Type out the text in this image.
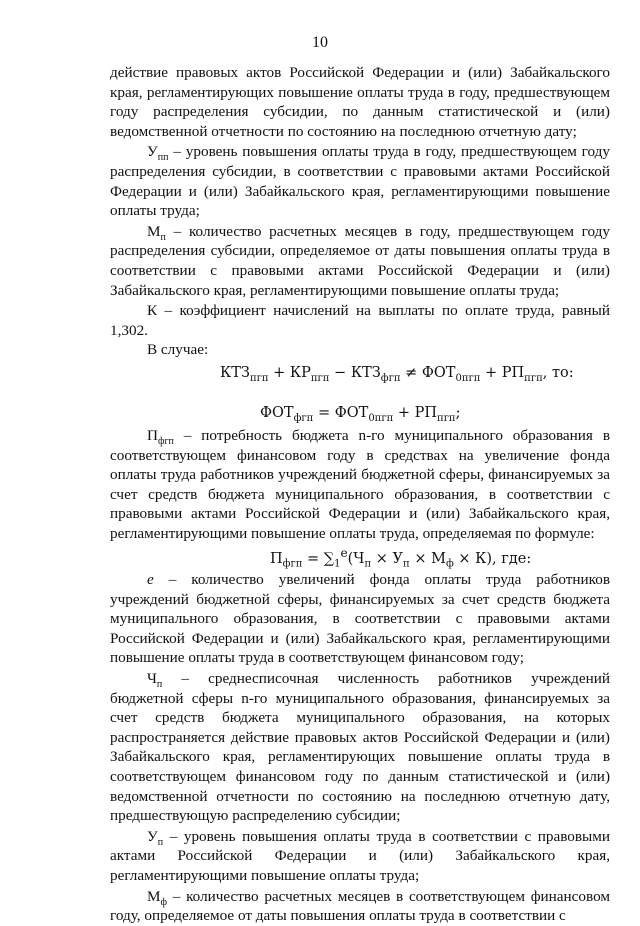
10

действие правовых актов Российской Федерации и (или) Забайкальского края, регламентирующих повышение оплаты труда в году, предшествующем году распределения субсидии, по данным статистической и (или) ведомственной отчетности по состоянию на последнюю отчетную дату;

$У_{пп}$ – уровень повышения оплаты труда в году, предшествующем году распределения субсидии, в соответствии с правовыми актами Российской Федерации и (или) Забайкальского края, регламентирующими повышение оплаты труда;

$М_п$ – количество расчетных месяцев в году, предшествующем году распределения субсидии, определяемое от даты повышения оплаты труда в соответствии с правовыми актами Российской Федерации и (или) Забайкальского края, регламентирующими повышение оплаты труда;

К – коэффициент начислений на выплаты по оплате труда, равный 1,302.

В случае:

$КТЗ_{пгп} + КР_{пгп} - КТЗ_{фгп} \ne ФОТ_{0пгп} + РП_{пгп}$, то:

$ФОТ_{фгп} = ФОТ_{0пгп} + РП_{пгп}$;

$П_{фгп}$ – потребность бюджета n-го муниципального образования в соответствующем финансовом году в средствах на увеличение фонда оплаты труда работников учреждений бюджетной сферы, финансируемых за счет средств бюджета муниципального образования, в соответствии с правовыми актами Российской Федерации и (или) Забайкальского края, регламентирующими повышение оплаты труда, определяемая по формуле:

$П_{фгп} = \sum_1^e(Ч_п \times У_п \times М_ф \times К)$, где:

e – количество увеличений фонда оплаты труда работников учреждений бюджетной сферы, финансируемых за счет средств бюджета муниципального образования, в соответствии с правовыми актами Российской Федерации и (или) Забайкальского края, регламентирующими повышение оплаты труда в соответствующем финансовом году;

$Ч_п$ – среднесписочная численность работников учреждений бюджетной сферы n-го муниципального образования, финансируемых за счет средств бюджета муниципального образования, на которых распространяется действие правовых актов Российской Федерации и (или) Забайкальского края, регламентирующих повышение оплаты труда в соответствующем финансовом году по данным статистической и (или) ведомственной отчетности по состоянию на последнюю отчетную дату, предшествующую распределению субсидии;

$У_п$ – уровень повышения оплаты труда в соответствии с правовыми актами Российской Федерации и (или) Забайкальского края, регламентирующими повышение оплаты труда;

$М_ф$ – количество расчетных месяцев в соответствующем финансовом году, определяемое от даты повышения оплаты труда в соответствии с
